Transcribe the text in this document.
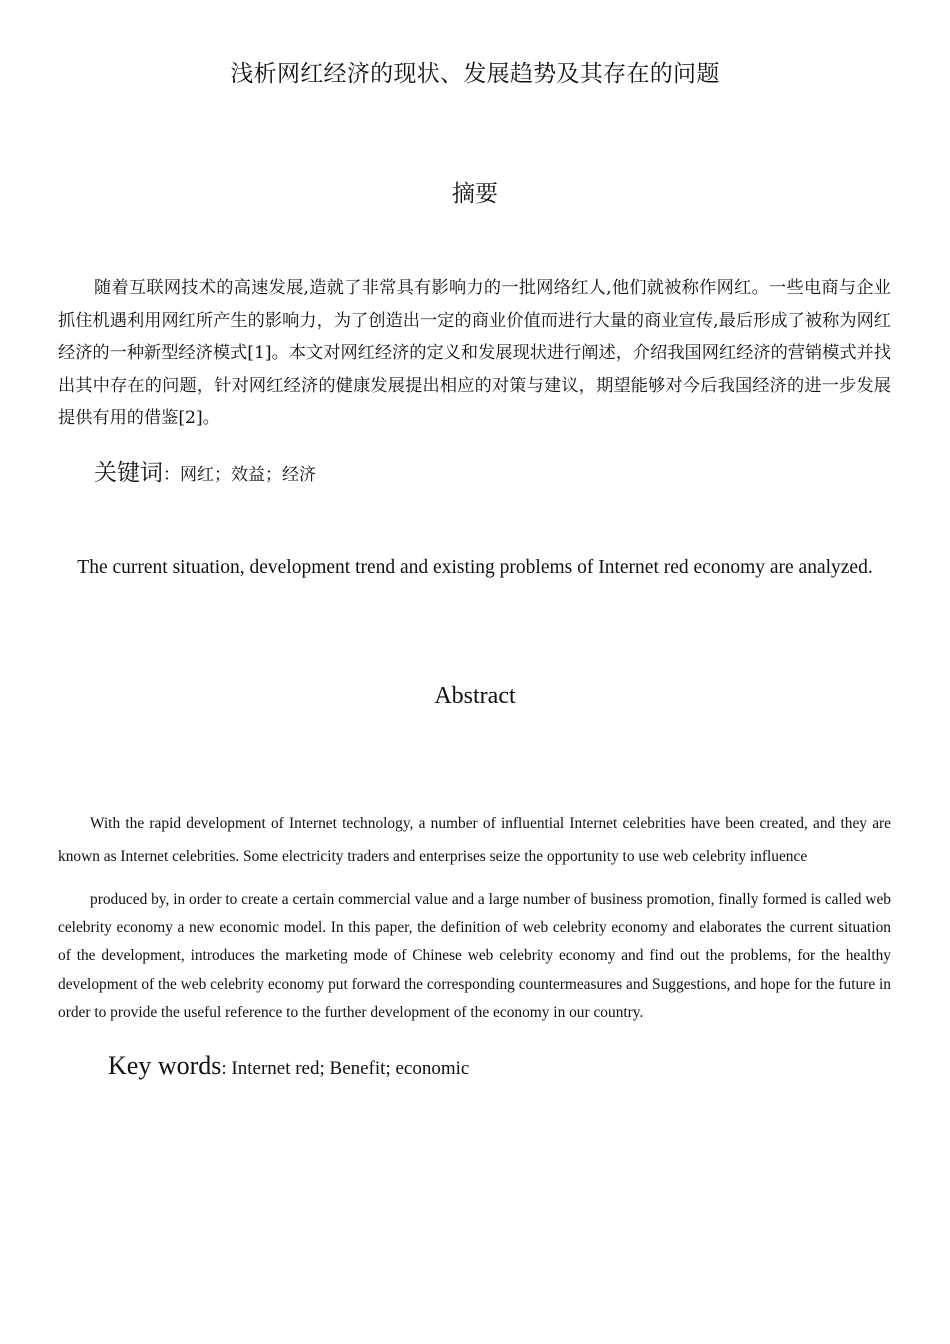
浅析网红经济的现状、发展趋势及其存在的问题
摘要

随着互联网技术的高速发展,造就了非常具有影响力的一批网络红人,他们就被称作网红。一些电商与企业抓住机遇利用网红所产生的影响力，为了创造出一定的商业价值而进行大量的商业宣传,最后形成了被称为网红经济的一种新型经济模式[1]。本文对网红经济的定义和发展现状进行阐述，介绍我国网红经济的营销模式并找出其中存在的问题，针对网红经济的健康发展提出相应的对策与建议，期望能够对今后我国经济的进一步发展提供有用的借鉴[2]。

关键词：网红；效益；经济
The current situation, development trend and existing problems of Internet red economy are analyzed.
Abstract

With the rapid development of Internet technology, a number of influential Internet celebrities have been created, and they are known as Internet celebrities. Some electricity traders and enterprises seize the opportunity to use web celebrity influence

produced by, in order to create a certain commercial value and a large number of business promotion, finally formed is called web celebrity economy a new economic model. In this paper, the definition of web celebrity economy and elaborates the current situation of the development, introduces the marketing mode of Chinese web celebrity economy and find out the problems, for the healthy development of the web celebrity economy put forward the corresponding countermeasures and Suggestions, and hope for the future in order to provide the useful reference to the further development of the economy in our country.

Key words: Internet red; Benefit; economic
